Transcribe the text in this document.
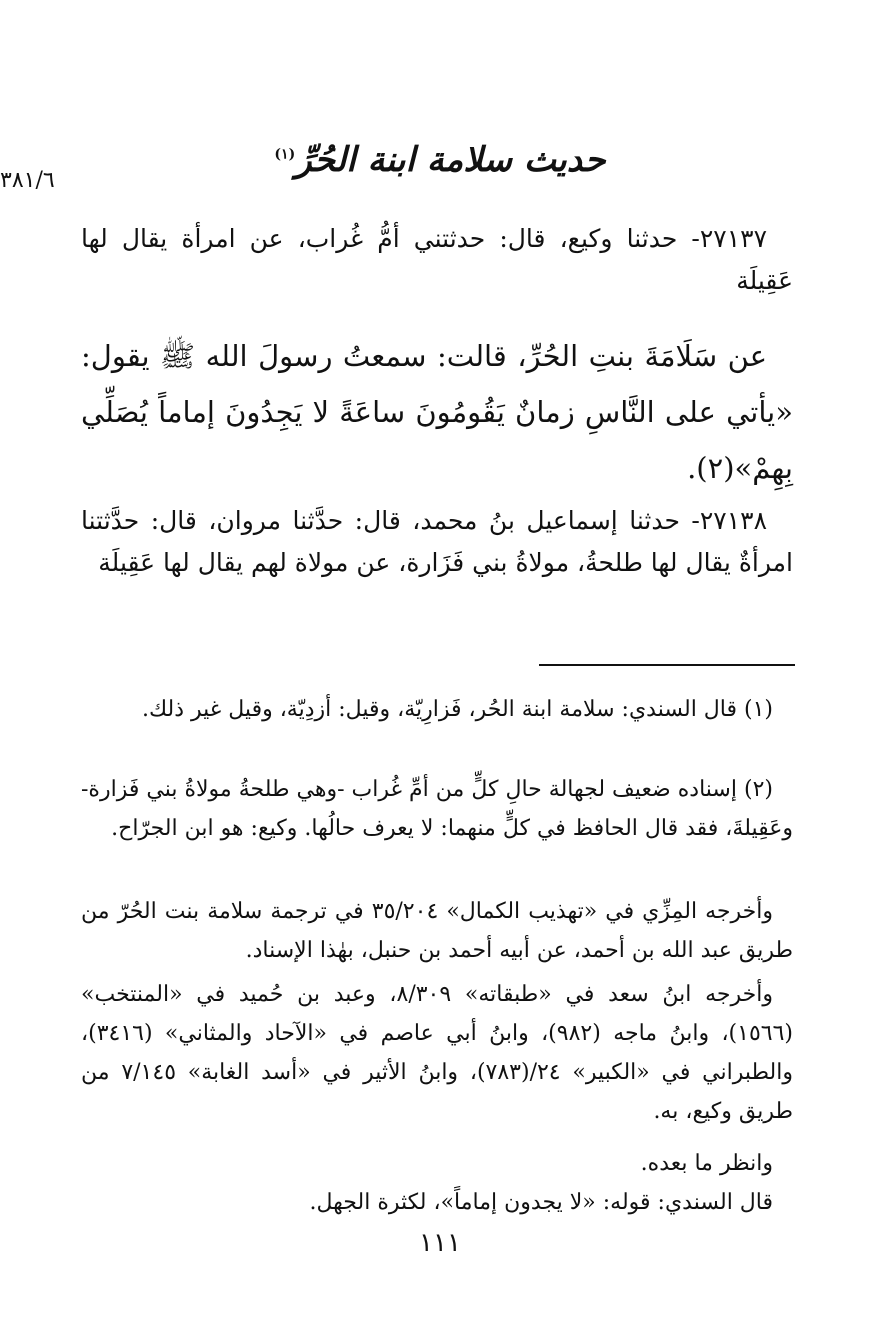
٣٨١/٦
حديث سلامة ابنة الحُرِّ$^{(١)}$

٢٧١٣٧- حدثنا وكيع، قال: حدثتني أمُّ غُراب، عن امرأة يقال لها عَقِيلَة

عن سَلَامَةَ بنتِ الحُرِّ، قالت: سمعتُ رسولَ الله ﷺ يقول: «يأتي على النَّاسِ زمانٌ يَقُومُونَ ساعَةً لا يَجِدُونَ إماماً يُصَلِّي بِهِمْ»(٢).

٢٧١٣٨- حدثنا إسماعيل بنُ محمد، قال: حدَّثنا مروان، قال: حدَّثتنا امرأةٌ يقال لها طلحةُ، مولاةُ بني فَزَارة، عن مولاة لهم يقال لها عَقِيلَة

(١) قال السندي: سلامة ابنة الحُر، فَزارِيّة، وقيل: أزدِيّة، وقيل غير ذلك.

(٢) إسناده ضعيف لجهالة حالِ كلٍّ من أمِّ غُراب -وهي طلحةُ مولاةُ بني فَزارة- وعَقِيلةَ، فقد قال الحافظ في كلٍّ منهما: لا يعرف حالُها. وكيع: هو ابن الجرّاح.

وأخرجه المِزِّي في «تهذيب الكمال» ٣٥/٢٠٤ في ترجمة سلامة بنت الحُرّ من طريق عبد الله بن أحمد، عن أبيه أحمد بن حنبل، بهٰذا الإسناد.

وأخرجه ابنُ سعد في «طبقاته» ٨/٣٠٩، وعبد بن حُميد في «المنتخب» (١٥٦٦)، وابنُ ماجه (٩٨٢)، وابنُ أبي عاصم في «الآحاد والمثاني» (٣٤١٦)، والطبراني في «الكبير» ٢٤/(٧٨٣)، وابنُ الأثير في «أسد الغابة» ٧/١٤٥ من طريق وكيع، به.

وانظر ما بعده.

قال السندي: قوله: «لا يجدون إماماً»، لكثرة الجهل.

١١١
